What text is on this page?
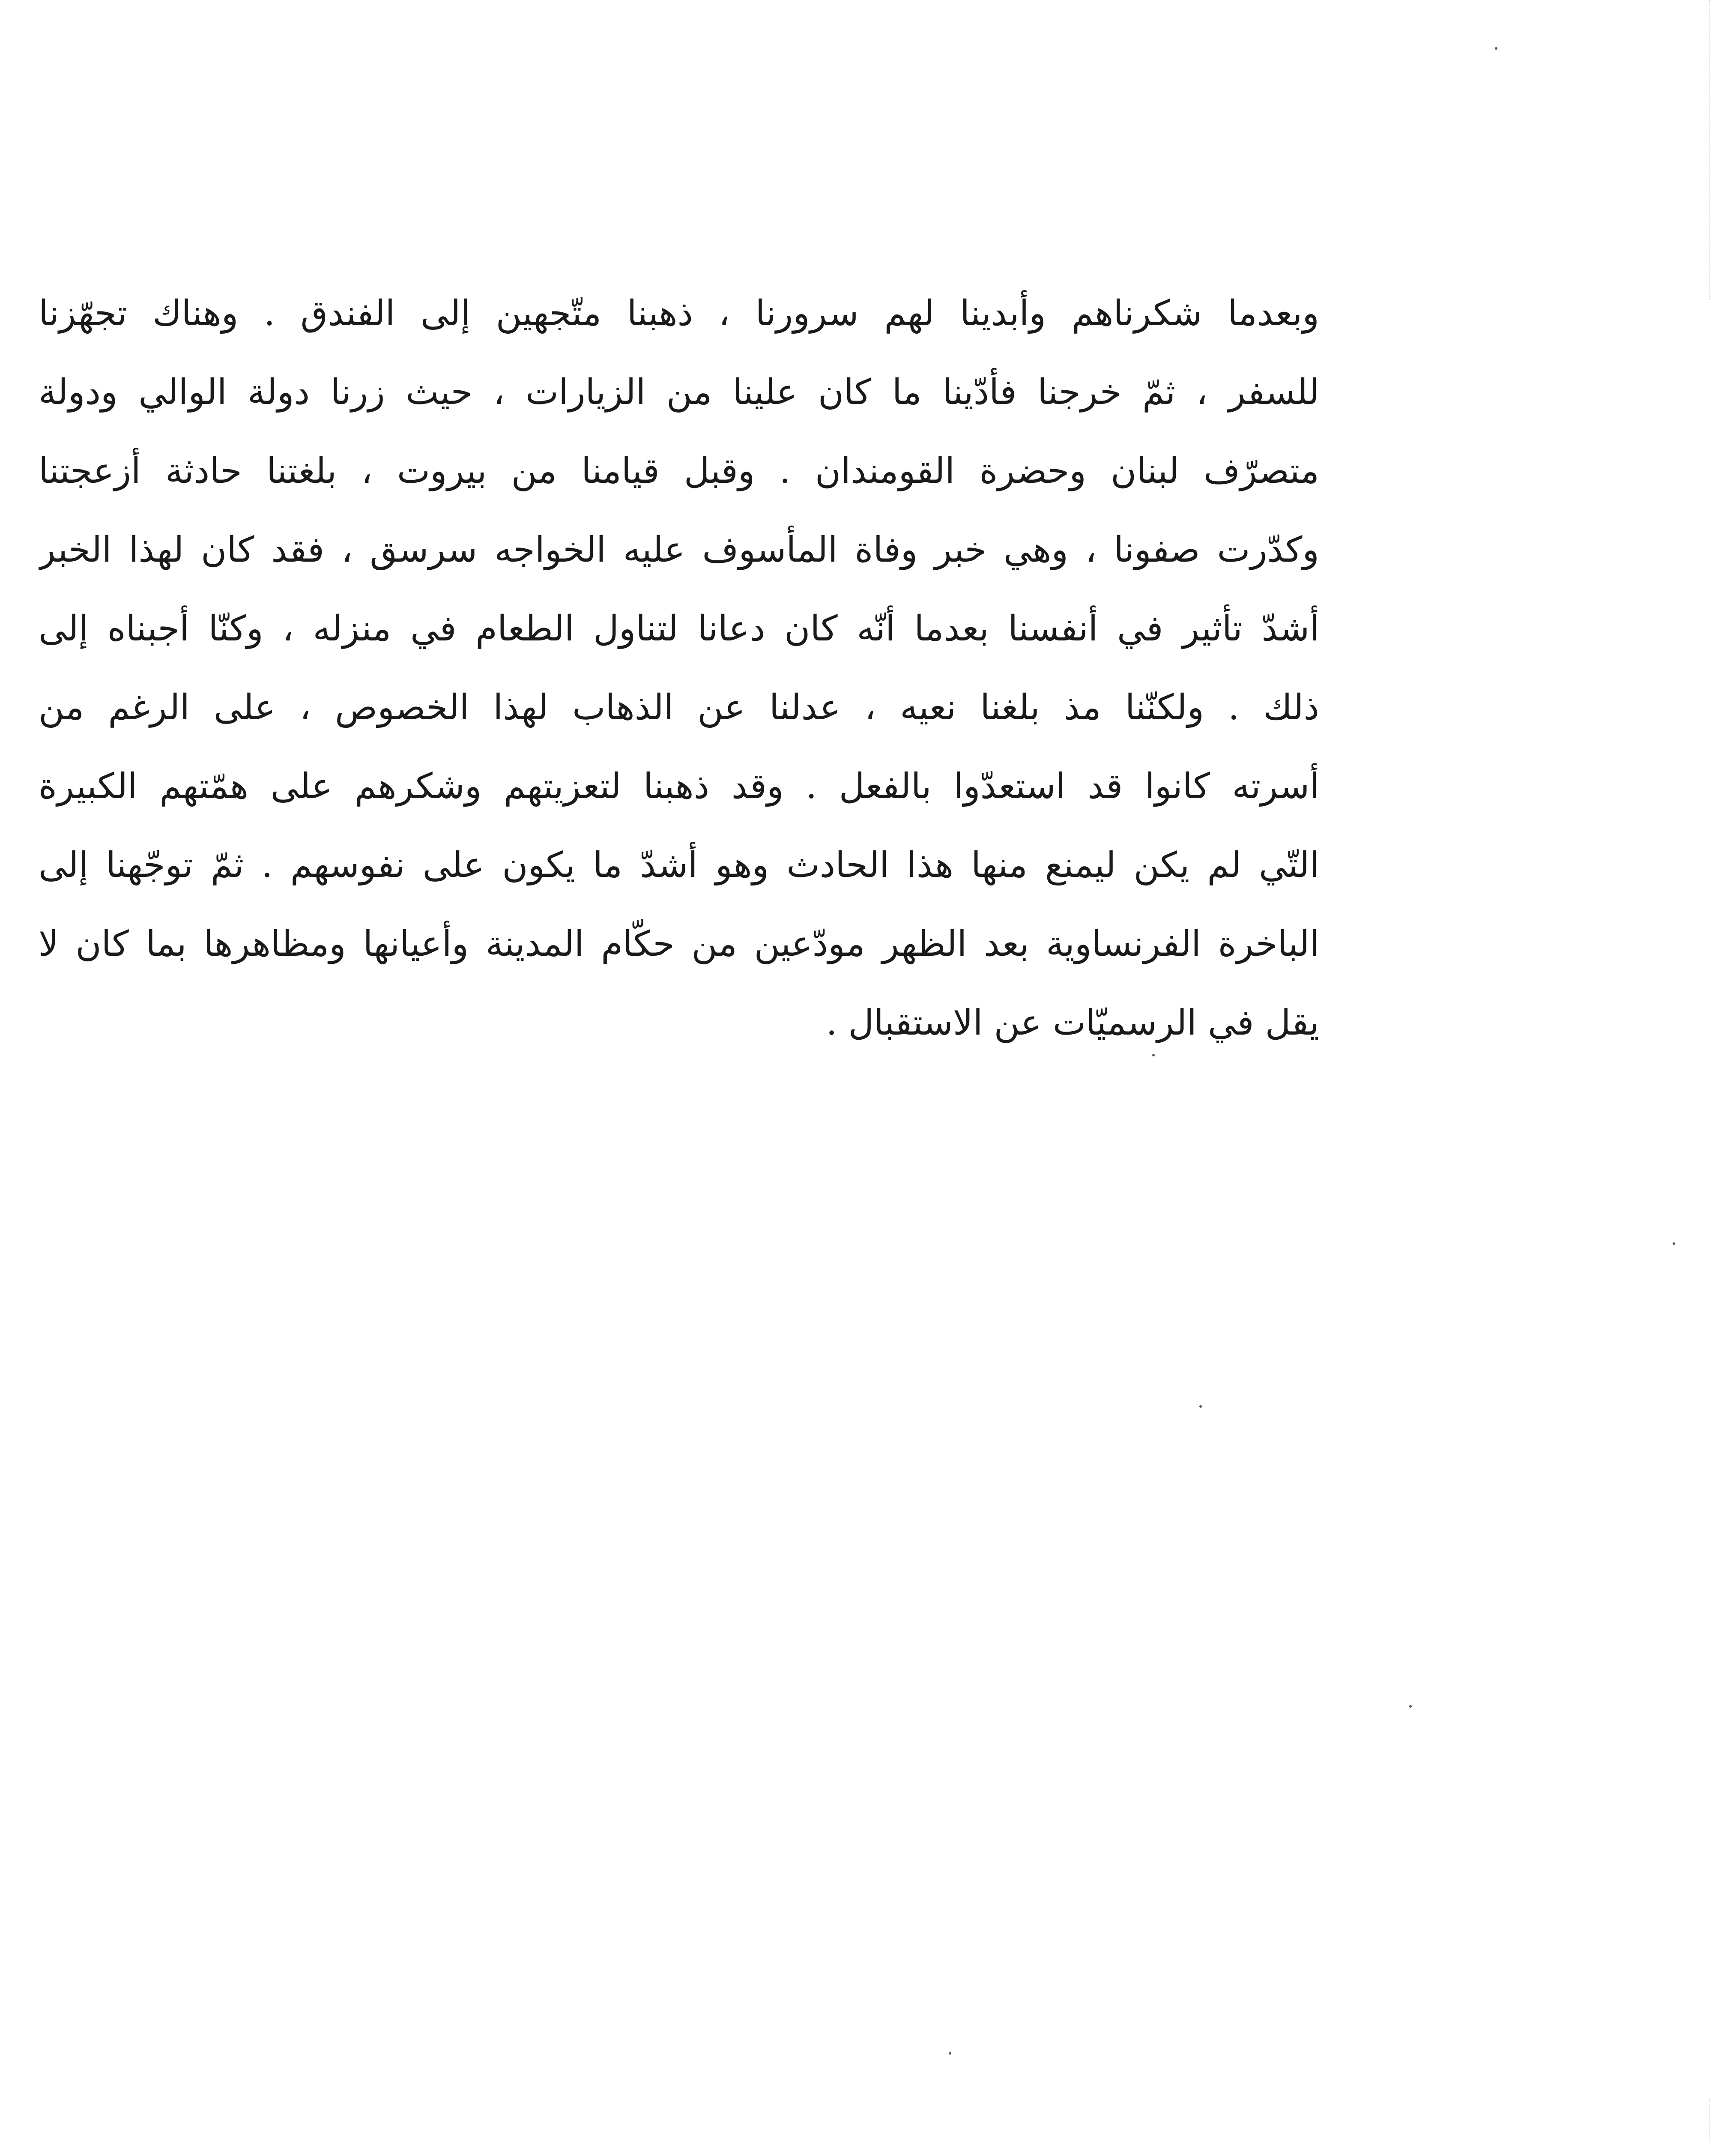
وبعدما شكرناهم وأبدينا لهم سرورنا ، ذهبنا متّجهين إلى الفندق . وهناك تجهّزنا
للسفر ، ثمّ خرجنا فأدّينا ما كان علينا من الزيارات ، حيث زرنا دولة الوالي ودولة
متصرّف لبنان وحضرة القومندان . وقبل قيامنا من بيروت ، بلغتنا حادثة أزعجتنا
وكدّرت صفونا ، وهي خبر وفاة المأسوف عليه الخواجه سرسق ، فقد كان لهذا الخبر
أشدّ تأثير في أنفسنا بعدما أنّه كان دعانا لتناول الطعام في منزله ، وكنّا أجبناه إلى
ذلك . ولكنّنا مذ بلغنا نعيه ، عدلنا عن الذهاب لهذا الخصوص ، على الرغم من
أسرته كانوا قد استعدّوا بالفعل . وقد ذهبنا لتعزيتهم وشكرهم على همّتهم الكبيرة
التّي لم يكن ليمنع منها هذا الحادث وهو أشدّ ما يكون على نفوسهم . ثمّ توجّهنا إلى
الباخرة الفرنساوية بعد الظهر مودّعين من حكّام المدينة وأعيانها ومظاهرها بما كان لا
يقل في الرسميّات عن الاستقبال .
